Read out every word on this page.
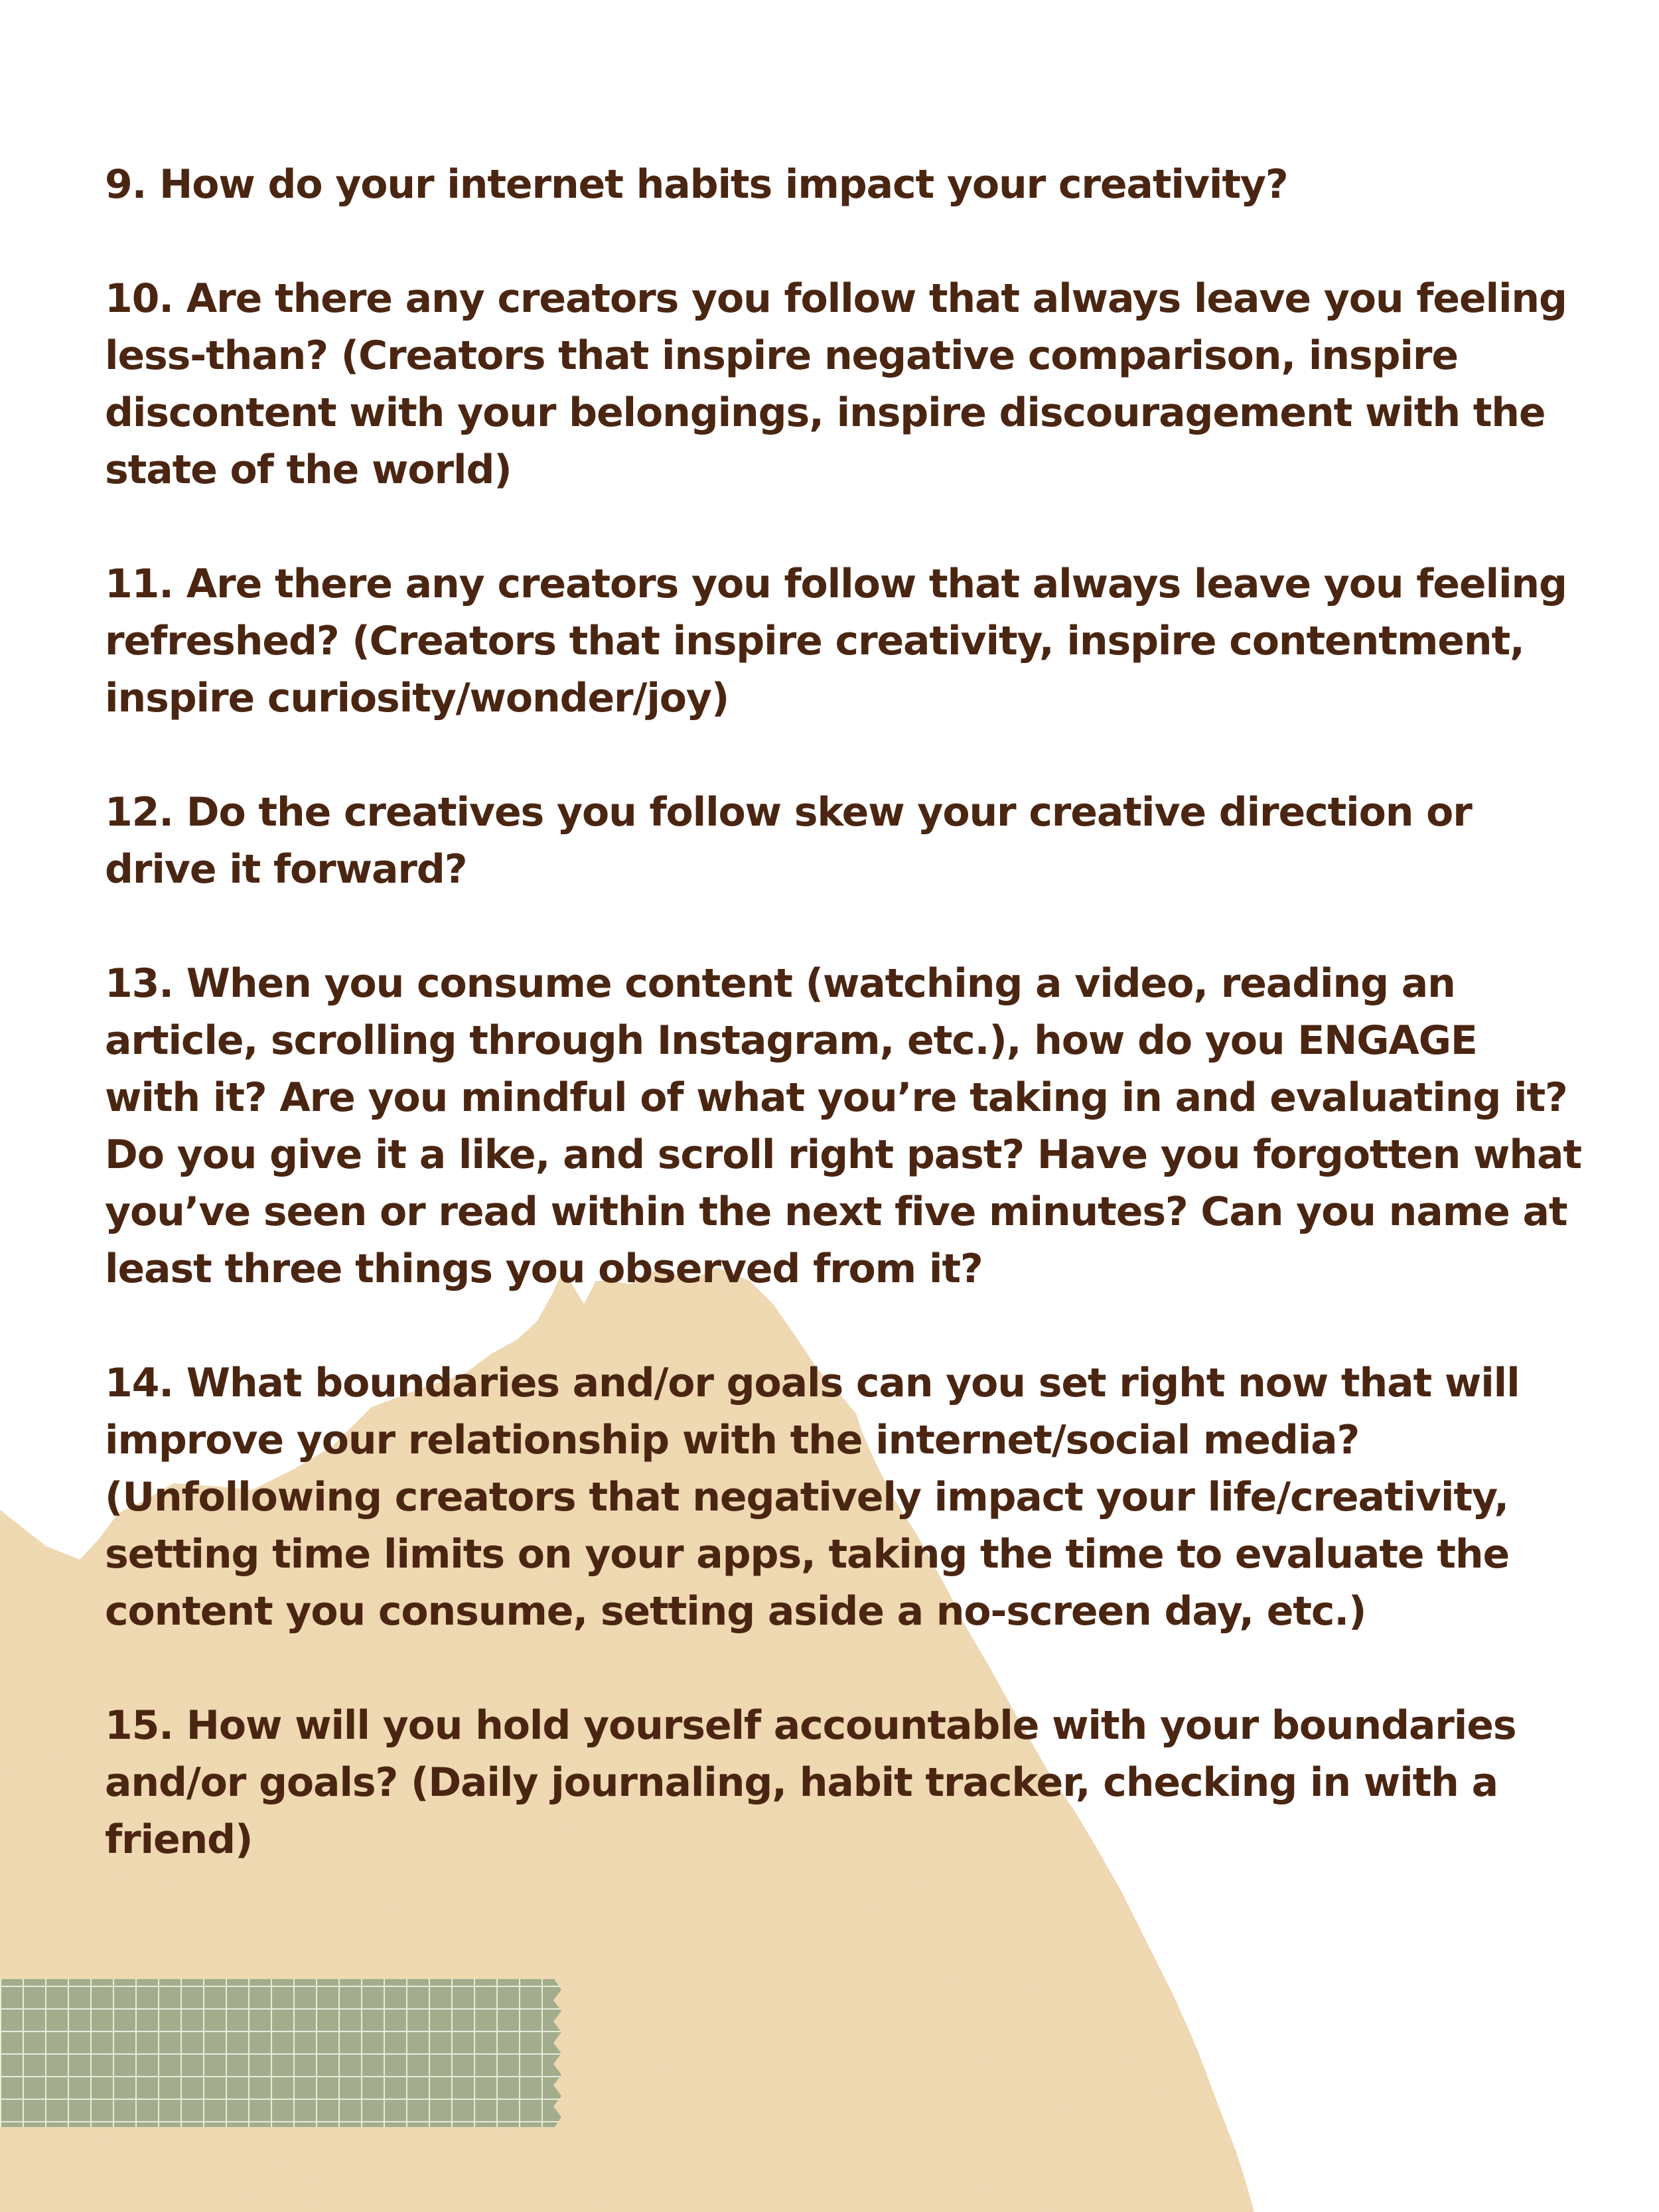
9. How do your internet habits impact your creativity?

10. Are there any creators you follow that always leave you feeling less-than? (Creators that inspire negative comparison, inspire discontent with your belongings, inspire discouragement with the state of the world)

11. Are there any creators you follow that always leave you feeling refreshed? (Creators that inspire creativity, inspire contentment, inspire curiosity/wonder/joy)

12. Do the creatives you follow skew your creative direction or drive it forward?

13. When you consume content (watching a video, reading an article, scrolling through Instagram, etc.), how do you ENGAGE with it? Are you mindful of what you’re taking in and evaluating it? Do you give it a like, and scroll right past? Have you forgotten what you’ve seen or read within the next five minutes? Can you name at least three things you observed from it?

14. What boundaries and/or goals can you set right now that will improve your relationship with the internet/social media? (Unfollowing creators that negatively impact your life/creativity, setting time limits on your apps, taking the time to evaluate the content you consume, setting aside a no-screen day, etc.)

15. How will you hold yourself accountable with your boundaries and/or goals? (Daily journaling, habit tracker, checking in with a friend)
